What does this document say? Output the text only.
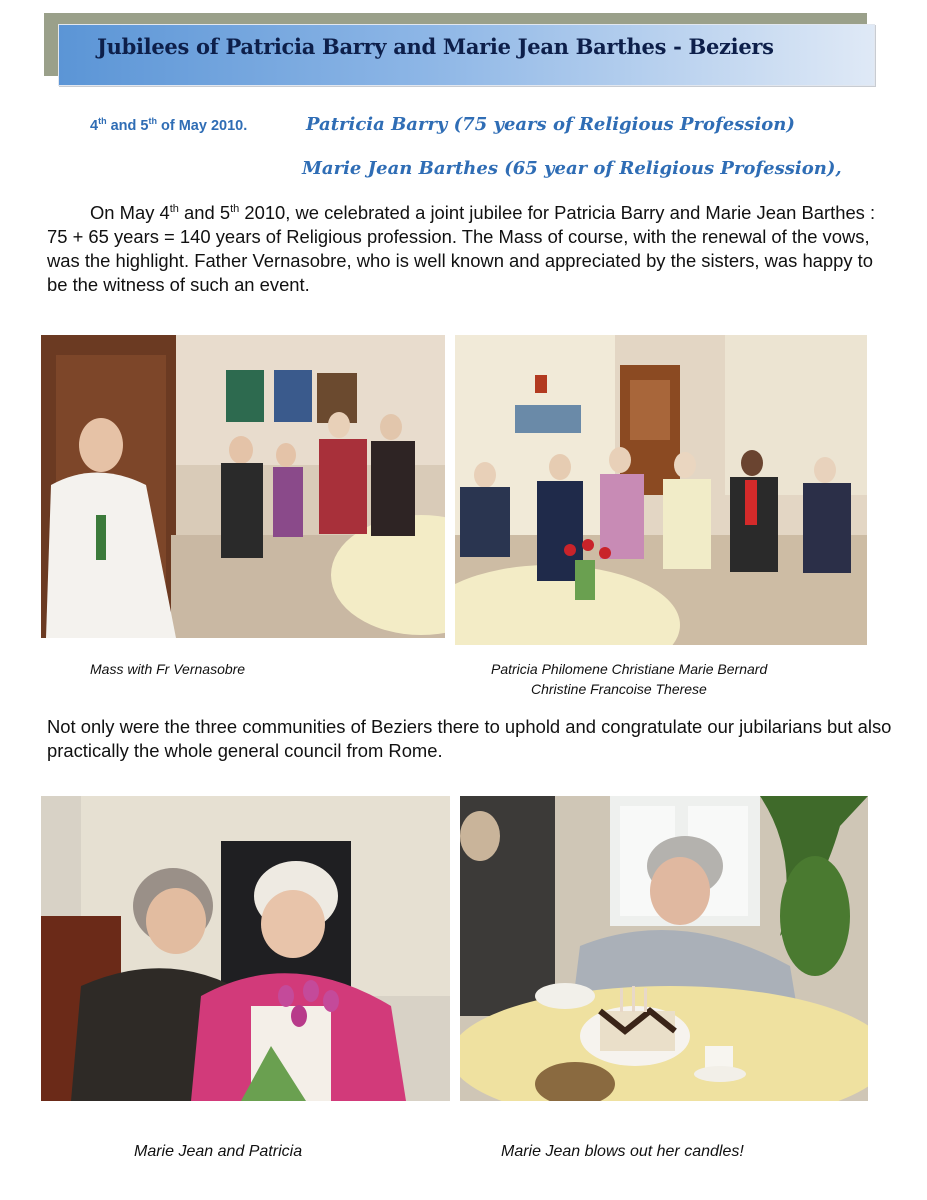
Jubilees of Patricia Barry and Marie Jean Barthes - Beziers
4th and 5th of May 2010.	Patricia Barry (75 years of Religious Profession)
Marie Jean Barthes (65 year of Religious Profession),
On May 4th and 5th 2010, we celebrated a joint jubilee for Patricia Barry and Marie Jean Barthes : 75 + 65 years = 140 years of Religious profession. The Mass of course, with the renewal of the vows, was the highlight. Father Vernasobre, who is well known and appreciated by the sisters, was happy to be the witness of such an event.
Mass with Fr Vernasobre	Patricia Philomene Christiane Marie Bernard
Christine Francoise Therese
Not only were the three communities of Beziers there to uphold and congratulate our jubilarians but also practically the whole general council from Rome.
Marie Jean and Patricia	Marie Jean blows out her candles!
